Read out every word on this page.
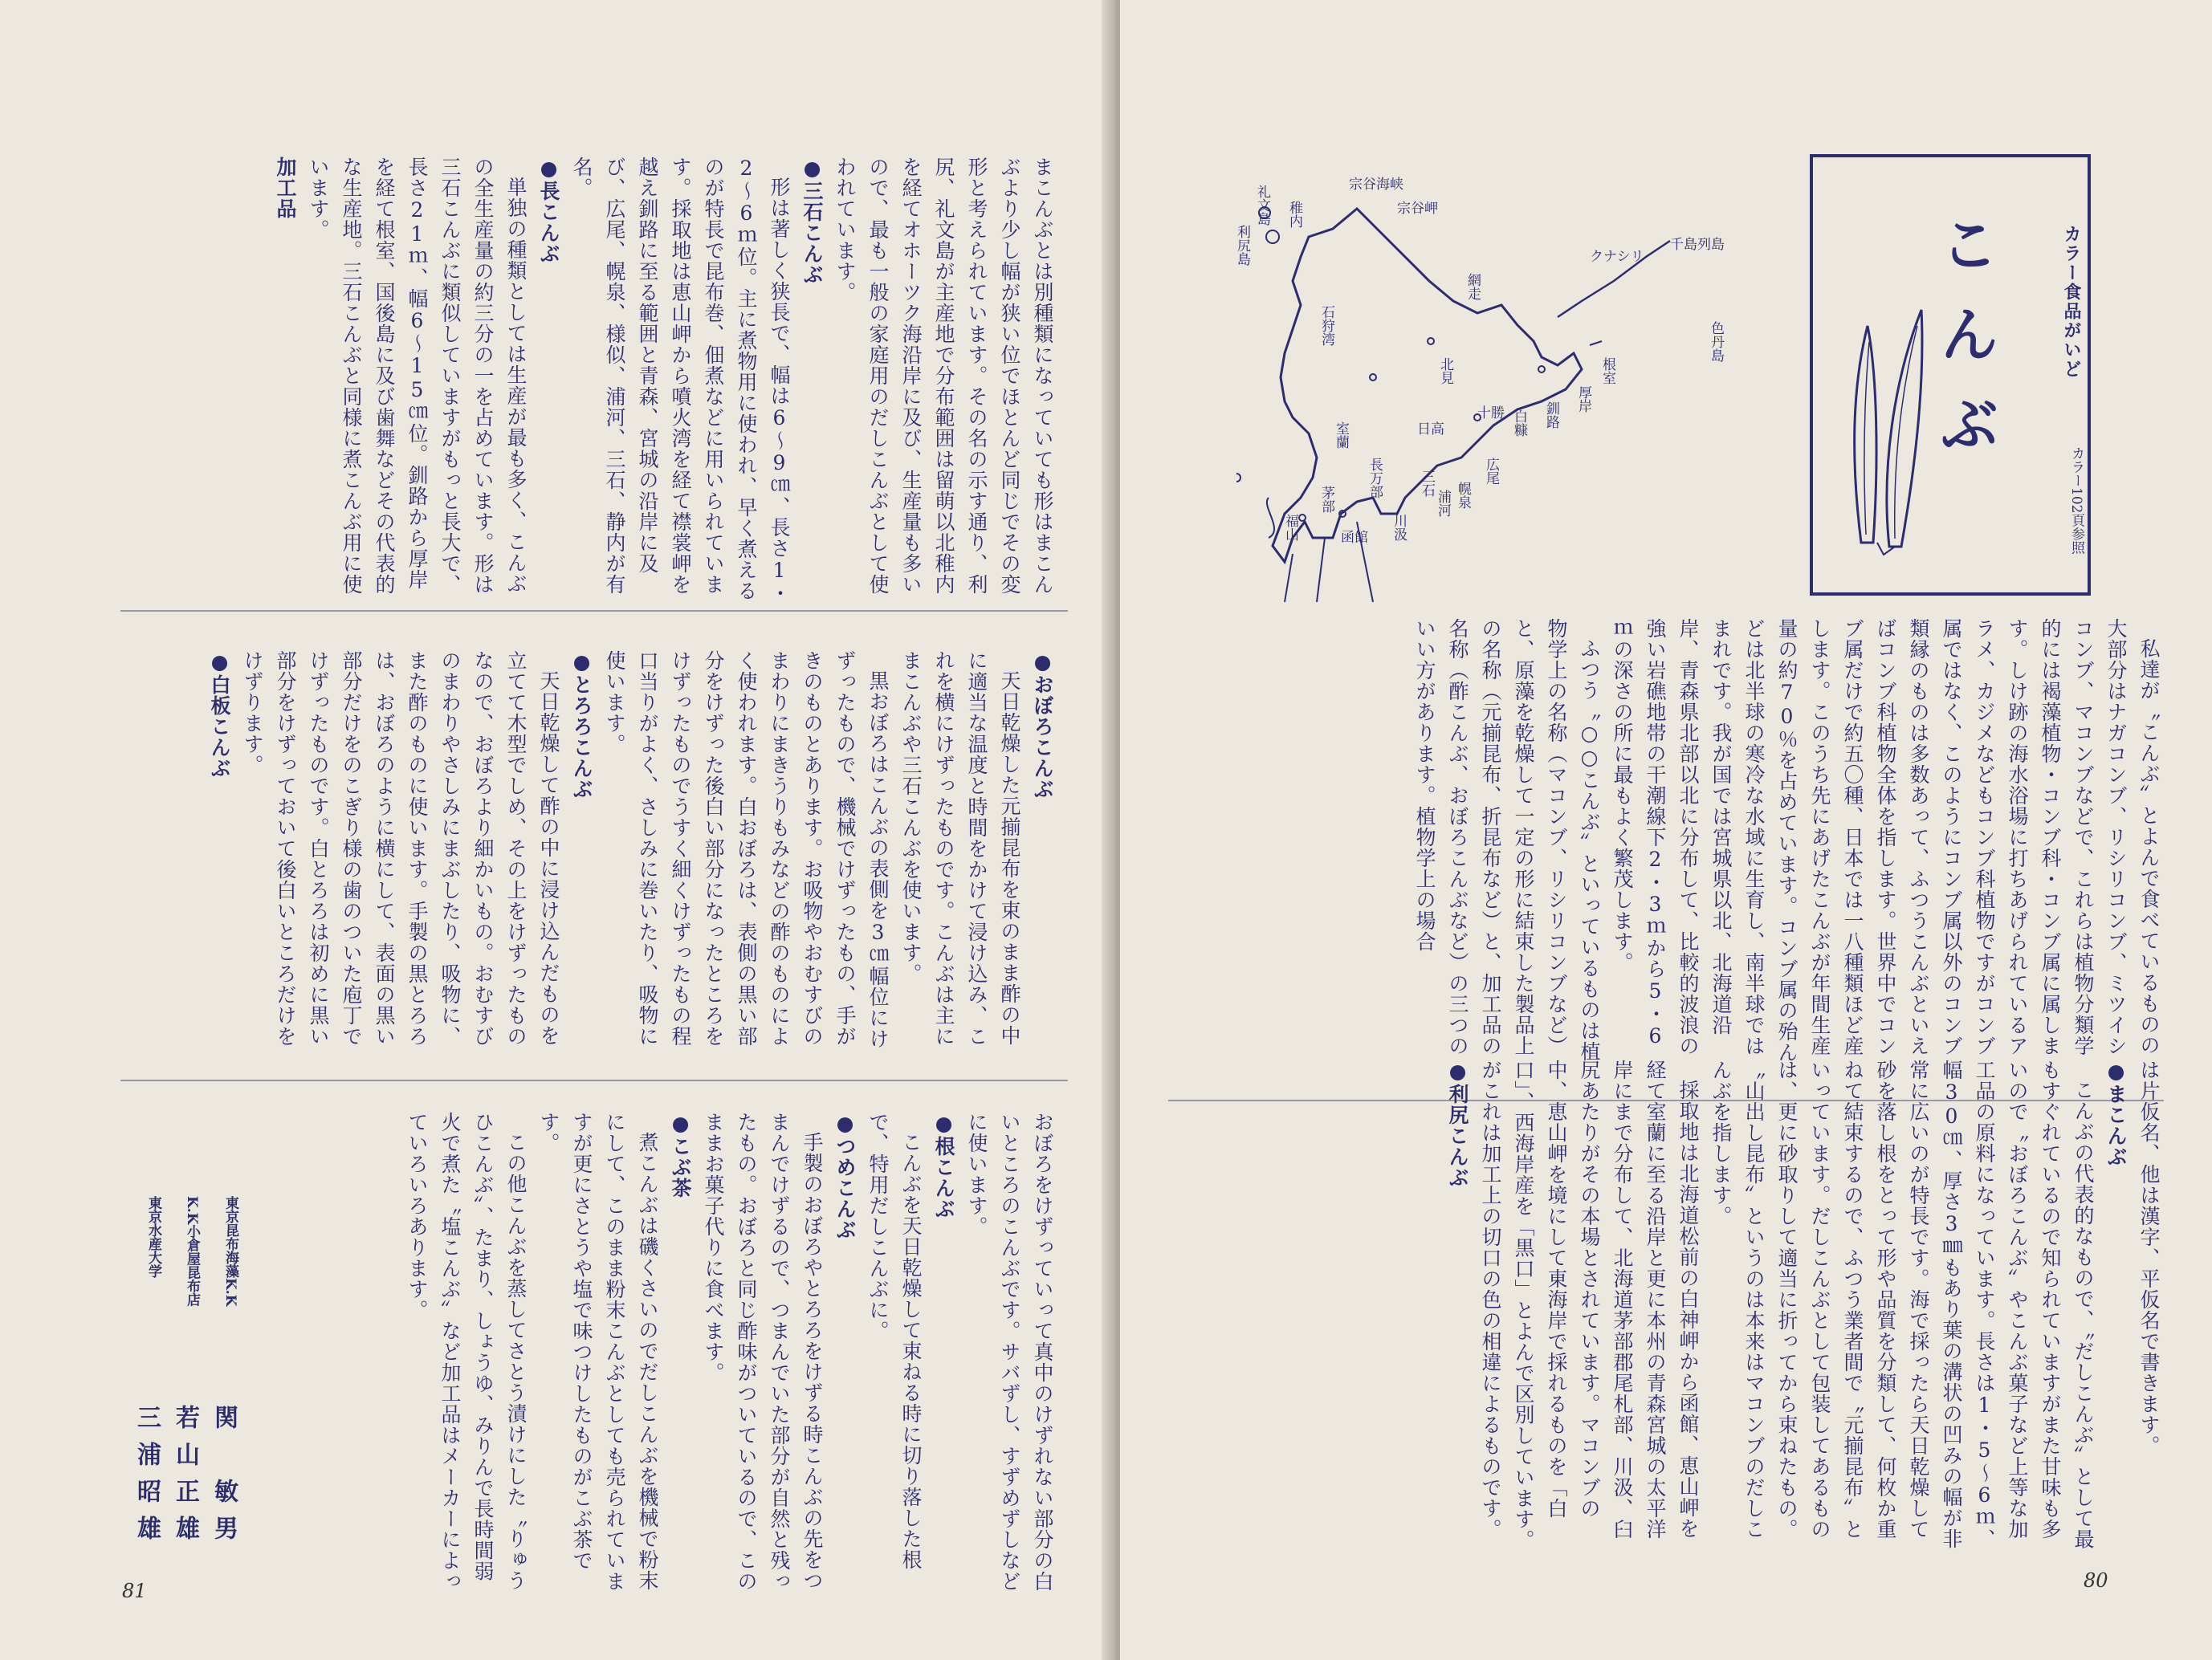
まこんぶとは別種類になっていても形はまこんぶより少し幅が狭い位でほとんど同じでその変形と考えられています。その名の示す通り、利尻、礼文島が主産地で分布範囲は留萌以北稚内を経てオホーツク海沿岸に及び、生産量も多いので、最も一般の家庭用のだしこんぶとして使われています。

● 三石こんぶ

形は著しく狭長で、幅は6～9㎝、長さ1・2～6ｍ位。主に煮物用に使われ、早く煮えるのが特長で昆布巻、佃煮などに用いられています。採取地は恵山岬から噴火湾を経て襟裳岬を越え釧路に至る範囲と青森、宮城の沿岸に及び、広尾、幌泉、様似、浦河、三石、静内が有名。

● 長こんぶ

単独の種類としては生産が最も多く、こんぶの全生産量の約三分の一を占めています。形は三石こんぶに類似していますがもっと長大で、長さ21ｍ、幅6～15㎝位。釧路から厚岸を経て根室、国後島に及び歯舞などその代表的な生産地。三石こんぶと同様に煮こんぶ用に使います。

加工品

● おぼろこんぶ

天日乾燥した元揃昆布を束のまま酢の中に適当な温度と時間をかけて浸け込み、これを横にけずったものです。こんぶは主にまこんぶや三石こんぶを使います。

黒おぼろはこんぶの表側を3㎝幅位にけずったもので、機械でけずったもの、手がきのものとあります。お吸物やおむすびのまわりにまきうりもみなどの酢のものによく使われます。白おぼろは、表側の黒い部分をけずった後白い部分になったところをけずったものでうすく細くけずったもの程口当りがよく、さしみに巻いたり、吸物に使います。

● とろろこんぶ

天日乾燥して酢の中に浸け込んだものを立てて木型でしめ、その上をけずったものなので、おぼろより細かいもの。おむすびのまわりやさしみにまぶしたり、吸物に、また酢のものに使います。手製の黒とろろは、おぼろのように横にして、表面の黒い部分だけをのこぎり様の歯のついた庖丁でけずったものです。白とろろは初めに黒い部分をけずっておいて後白いところだけをけずります。

● 白板こんぶ

おぼろをけずっていって真中のけずれない部分の白いところのこんぶです。サバずし、すずめずしなどに使います。

● 根こんぶ

こんぶを天日乾燥して束ねる時に切り落した根で、特用だしこんぶに。

● つめこんぶ

手製のおぼろやとろろをけずる時こんぶの先をつまんでけずるので、つまんでいた部分が自然と残ったもの。おぼろと同じ酢味がついているので、このままお菓子代りに食べます。

● こぶ茶

煮こんぶは磯くさいのでだしこんぶを機械で粉末にして、このまま粉末こんぶとしても売られていますが更にさとうや塩で味つけしたものがこぶ茶です。

この他こんぶを蒸してさとう漬けにした〝りゅうひこんぶ〟、たまり、しょうゆ、みりんで長時間弱火で煮た〝塩こんぶ〟など加工品はメーカーによっていろいろあります。

東京昆布海藻K.K
関　敏男
K.K小倉屋昆布店
若山正雄
東京水産大学
三浦昭雄
81
カラー食品がいど
こんぶ
カラー102頁参照
宗谷海峡
宗谷岬
礼文島
利尻島
稚内
クナシリ
千島列島
色丹島
網走
石狩湾
北見	根室
釧路
厚岸
白糠
十勝
日高
広尾
室蘭
三石
浦河 幌泉
長万部
川汲
函館
茅部
福山

私達が〝こんぶ〟とよんで食べているものの大部分はナガコンブ、リシリコンブ、ミツイシコンブ、マコンブなどで、これらは植物分類学的には褐藻植物・コンブ科・コンブ属に属します。しけ跡の海水浴場に打ちあげられているアラメ、カジメなどもコンブ科植物ですがコンブ属ではなく、このようにコンブ属以外のコンブ類縁のものは多数あって、ふつうこんぶといえばコンブ科植物全体を指します。世界中でコンブ属だけで約五〇種、日本では一八種類ほど産します。このうち先にあげたこんぶが年間生産量の約70％を占めています。コンブ属の殆んどは北半球の寒冷な水域に生育し、南半球ではまれです。我が国では宮城県以北、北海道沿岸、青森県北部以北に分布して、比較的波浪の強い岩礁地帯の干潮線下2・3ｍから5・6ｍの深さの所に最もよく繁茂します。

ふつう〝○○こんぶ〟といっているものは植物学上の名称（マコンブ、リシリコンブなど）と、原藻を乾燥して一定の形に結束した製品上の名称（元揃昆布、折昆布など）と、加工品の名称（酢こんぶ、おぼろこんぶなど）の三つのいい方があります。植物学上の場合

は片仮名、他は漢字、平仮名で書きます。

● まこんぶ

こんぶの代表的なもので、〝だしこんぶ〟として最もすぐれているので知られていますがまた甘味も多いので〝おぼろこんぶ〟やこんぶ菓子など上等な加工品の原料になっています。長さは1・5～6ｍ、幅30㎝、厚さ3㎜もあり葉の溝状の凹みの幅が非常に広いのが特長です。海で採ったら天日乾燥して砂を落し根をとって形や品質を分類して、何枚か重ねて結束するので、ふつう業者間で〝元揃昆布〟といっています。だしこんぶとして包装してあるものは、更に砂取りして適当に折ってから束ねたもの。〝山出し昆布〟というのは本来はマコンブのだしこんぶを指します。

採取地は北海道松前の白神岬から函館、恵山岬を経て室蘭に至る沿岸と更に本州の青森宮城の太平洋岸にまで分布して、北海道茅部郡尾札部、川汲、臼尻あたりがその本場とされています。マコンブの中、恵山岬を境にして東海岸で採れるものを「白口」、西海岸産を「黒口」とよんで区別しています。がこれは加工上の切口の色の相違によるものです。

● 利尻こんぶ
80
